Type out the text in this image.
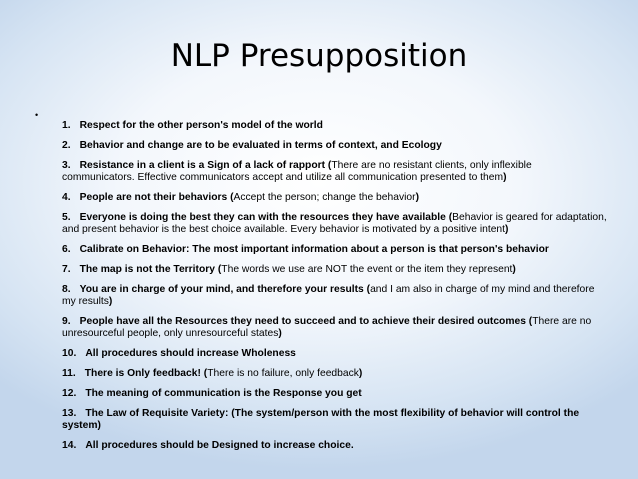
NLP Presupposition
•
1. Respect for the other person's model of the world
2. Behavior and change are to be evaluated in terms of context, and Ecology
3. Resistance in a client is a Sign of a lack of rapport (There are no resistant clients, only inflexible communicators. Effective communicators accept and utilize all communication presented to them)
4. People are not their behaviors (Accept the person; change the behavior)
5. Everyone is doing the best they can with the resources they have available (Behavior is geared for adaptation, and present behavior is the best choice available. Every behavior is motivated by a positive intent)
6. Calibrate on Behavior: The most important information about a person is that person's behavior
7. The map is not the Territory (The words we use are NOT the event or the item they represent)
8. You are in charge of your mind, and therefore your results (and I am also in charge of my mind and therefore my results)
9. People have all the Resources they need to succeed and to achieve their desired outcomes (There are no unresourceful people, only unresourceful states)
10. All procedures should increase Wholeness
11. There is Only feedback! (There is no failure, only feedback)
12. The meaning of communication is the Response you get
13. The Law of Requisite Variety: (The system/person with the most flexibility of behavior will control the system)
14. All procedures should be Designed to increase choice.
